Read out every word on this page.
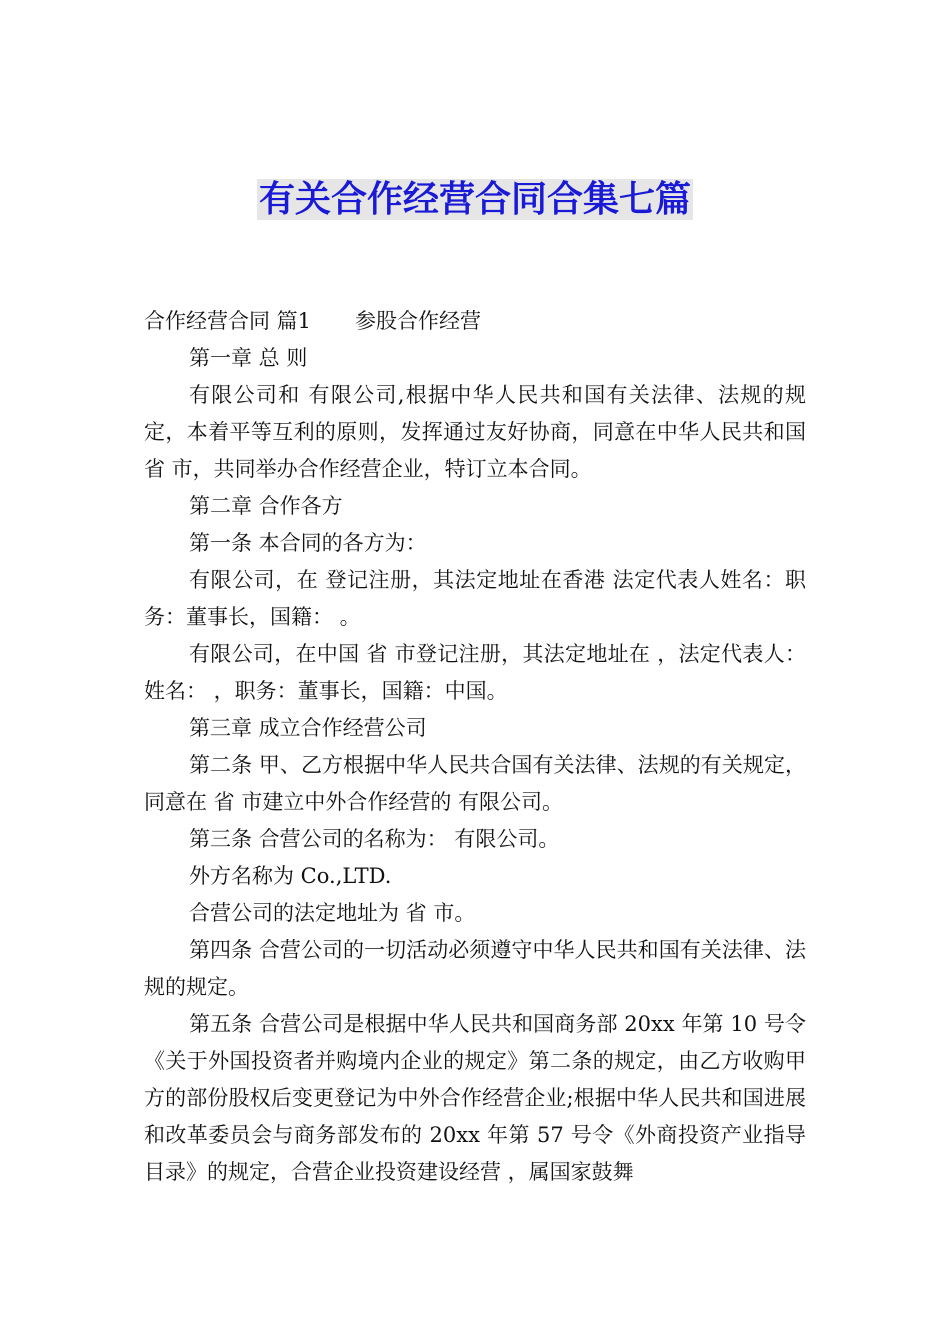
有关合作经营合同合集七篇

合作经营合同 篇1 参股合作经营

第一章 总 则

有限公司和 有限公司,根据中华人民共和国有关法律、法规的规定，本着平等互利的原则，发挥通过友好协商，同意在中华人民共和国 省 市，共同举办合作经营企业，特订立本合同。

第二章 合作各方

第一条 本合同的各方为：

有限公司，在 登记注册，其法定地址在香港 法定代表人姓名：职务：董事长，国籍： 。

有限公司，在中国 省 市登记注册，其法定地址在 ，法定代表人：姓名： ，职务：董事长，国籍：中国。

第三章 成立合作经营公司

第二条 甲、乙方根据中华人民共合国有关法律、法规的有关规定，同意在 省 市建立中外合作经营的 有限公司。

第三条 合营公司的名称为： 有限公司。

外方名称为 Co.,LTD.

合营公司的法定地址为 省 市。

第四条 合营公司的一切活动必须遵守中华人民共和国有关法律、法规的规定。

第五条 合营公司是根据中华人民共和国商务部 20xx 年第 10 号令《关于外国投资者并购境内企业的规定》第二条的规定，由乙方收购甲方的部份股权后变更登记为中外合作经营企业;根据中华人民共和国进展和改革委员会与商务部发布的 20xx 年第 57 号令《外商投资产业指导目录》的规定，合营企业投资建设经营 ，属国家鼓舞
